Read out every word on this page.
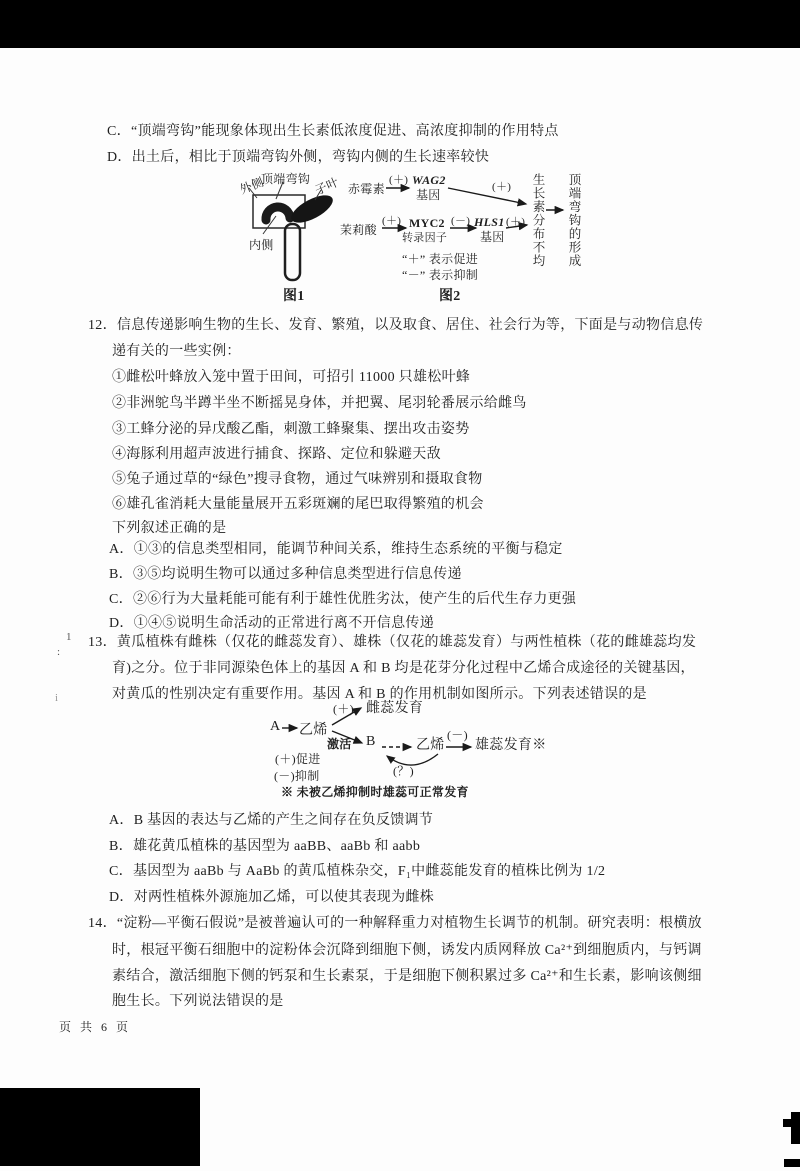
C．“顶端弯钩”能现象体现出生长素低浓度促进、高浓度抑制的作用特点
D．出土后，相比于顶端弯钩外侧，弯钩内侧的生长速率较快
外侧
顶端弯钩 子叶
内侧
图1
赤霉素
(＋) WAG2
基因
(＋)
茉莉酸
(＋) MYC2
转录因子
(－) HLS1
基因
(＋) 生长素分布不均 顶端弯钩的形成
“＋” 表示促进
“－” 表示抑制
图2
12．信息传递影响生物的生长、发育、繁殖，以及取食、居住、社会行为等，下面是与动物信息传
递有关的一些实例：
①雌松叶蜂放入笼中置于田间，可招引 11000 只雄松叶蜂
②非洲鸵鸟半蹲半坐不断摇晃身体，并把翼、尾羽轮番展示给雌鸟
③工蜂分泌的异戊酸乙酯，刺激工蜂聚集、摆出攻击姿势
④海豚利用超声波进行捕食、探路、定位和躲避天敌
⑤兔子通过草的“绿色”搜寻食物，通过气味辨别和摄取食物
⑥雄孔雀消耗大量能量展开五彩斑斓的尾巴取得繁殖的机会
下列叙述正确的是
A．①③的信息类型相同，能调节种间关系，维持生态系统的平衡与稳定
B．③⑤均说明生物可以通过多种信息类型进行信息传递
C．②⑥行为大量耗能可能有利于雄性优胜劣汰，使产生的后代生存力更强
D．①④⑤说明生命活动的正常进行离不开信息传递
1
:
i
13．黄瓜植株有雌株（仅花的雌蕊发育）、雄株（仅花的雄蕊发育）与两性植株（花的雌雄蕊均发
育)之分。位于非同源染色体上的基因 A 和 B 均是花芽分化过程中乙烯合成途径的关键基因，
对黄瓜的性别决定有重要作用。基因 A 和 B 的作用机制如图所示。下列表述错误的是
A 乙烯
(＋) 雌蕊发育
激活 B	乙烯
(－)
雄蕊发育※
(？)
(＋)促进
(－)抑制
※ 未被乙烯抑制时雄蕊可正常发育
A．B 基因的表达与乙烯的产生之间存在负反馈调节
B．雄花黄瓜植株的基因型为 aaBB、aaBb 和 aabb
C．基因型为 aaBb 与 AaBb 的黄瓜植株杂交，F₁中雌蕊能发育的植株比例为 1/2
D．对两性植株外源施加乙烯，可以使其表现为雌株
14．“淀粉—平衡石假说”是被普遍认可的一种解释重力对植物生长调节的机制。研究表明：根横放
时，根冠平衡石细胞中的淀粉体会沉降到细胞下侧，诱发内质网释放 Ca²⁺到细胞质内，与钙调
素结合，激活细胞下侧的钙泵和生长素泵，于是细胞下侧积累过多 Ca²⁺和生长素，影响该侧细
胞生长。下列说法错误的是
页 共 6 页
